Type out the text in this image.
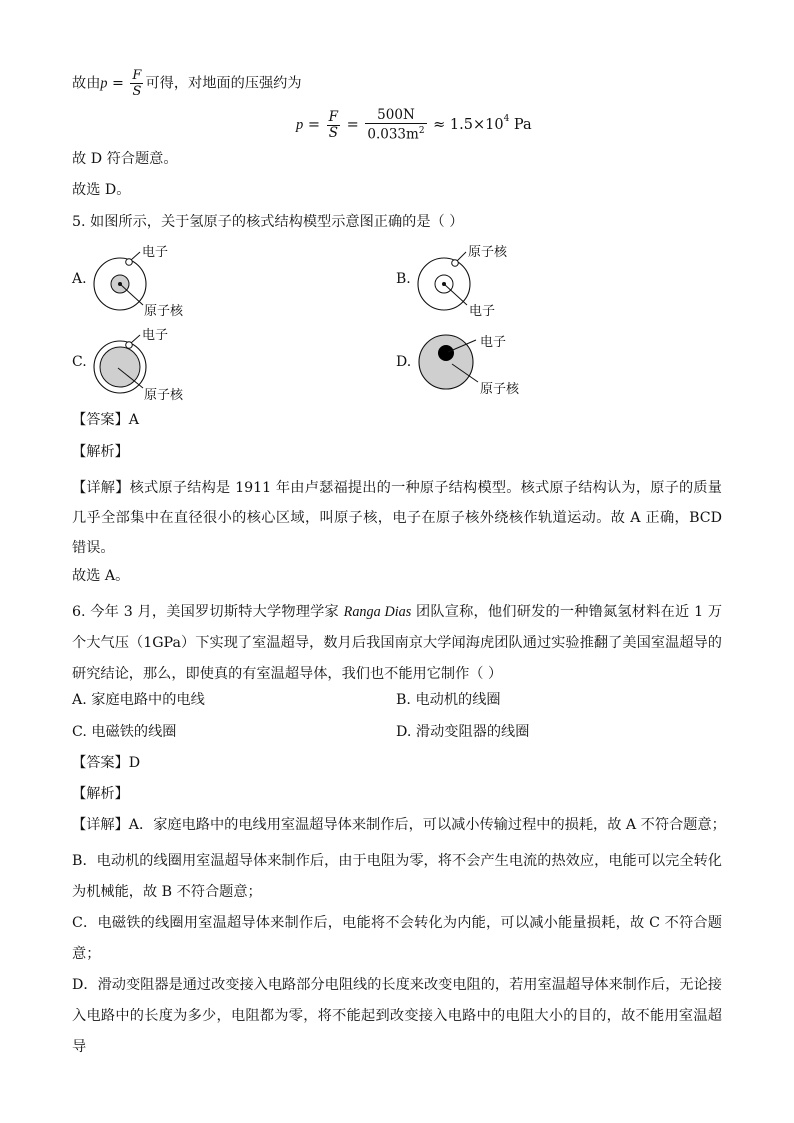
故由$p = \frac{F}{S}$ 可得，对地面的压强约为
$p = \frac{F}{S} = \frac{500N}{0.033m^2} \approx 1.5\times 10^4$ Pa
故 D 符合题意。
故选 D。
5. 如图所示，关于氢原子的核式结构模型示意图正确的是（ ）
A.
电子
原子核
B.
原子核
电子
C.
电子
原子核
D.
电子
原子核
【答案】A
【解析】
【详解】核式原子结构是 1911 年由卢瑟福提出的一种原子结构模型。核式原子结构认为，原子的质量几乎全部集中在直径很小的核心区域，叫原子核，电子在原子核外绕核作轨道运动。故 A 正确，BCD 错误。
故选 A。
6. 今年 3 月，美国罗切斯特大学物理学家 Ranga Dias 团队宣称，他们研发的一种镥氮氢材料在近 1 万个大气压（1GPa）下实现了室温超导，数月后我国南京大学闻海虎团队通过实验推翻了美国室温超导的研究结论，那么，即使真的有室温超导体，我们也不能用它制作（ ）
A. 家庭电路中的电线	B. 电动机的线圈
C. 电磁铁的线圈	D. 滑动变阻器的线圈
【答案】D
【解析】
【详解】A．家庭电路中的电线用室温超导体来制作后，可以减小传输过程中的损耗，故 A 不符合题意；
B．电动机的线圈用室温超导体来制作后，由于电阻为零，将不会产生电流的热效应，电能可以完全转化为机械能，故 B 不符合题意；
C．电磁铁的线圈用室温超导体来制作后，电能将不会转化为内能，可以减小能量损耗，故 C 不符合题意；
D．滑动变阻器是通过改变接入电路部分电阻线的长度来改变电阻的，若用室温超导体来制作后，无论接入电路中的长度为多少，电阻都为零，将不能起到改变接入电路中的电阻大小的目的，故不能用室温超导
